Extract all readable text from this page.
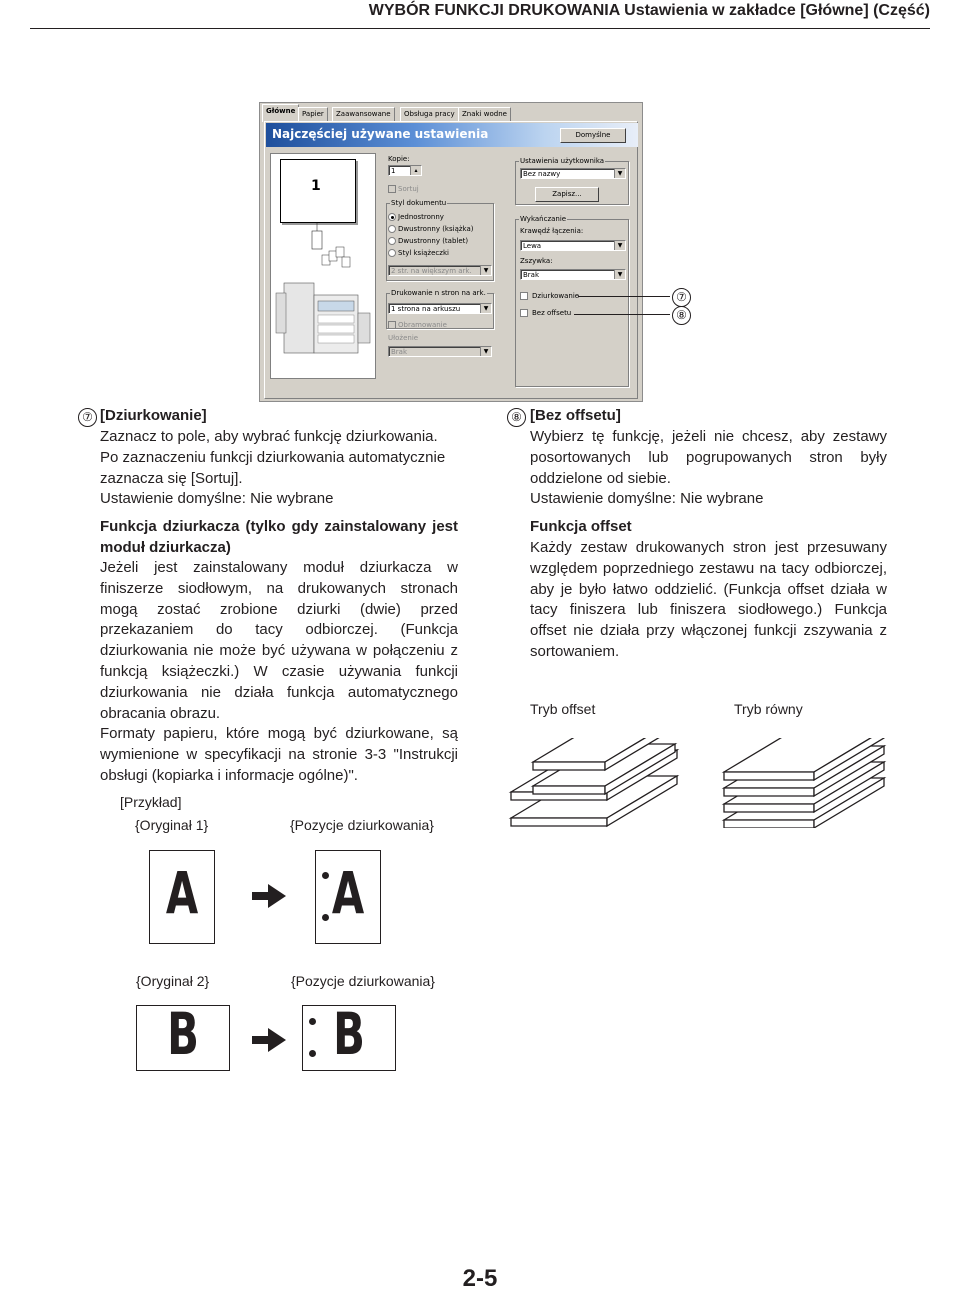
WYBÓR FUNKCJI DRUKOWANIA Ustawienia w zakładce [Główne] (Część)
Główne Papier	Zaawansowane	Obsługa pracy	Znaki wodne
Najczęściej używane ustawienia	Domyślne
1
Kopie:
1	▴
Sortuj
Styl dokumentu
Jednostronny
Dwustronny (książka)
Dwustronny (tablet)
Styl książeczki
2 str. na większym ark.	▼
Drukowanie n stron na ark.
1 strona na arkuszu	▼
Obramowanie
Ułożenie
Brak	▼
Ustawienia użytkownika
Bez nazwy	▼
Zapisz...
Wykańczanie
Krawędź łączenia:
Lewa	▼
Zszywka:
Brak	▼
Dziurkowanie
Bez offsetu
⑦
⑧
⑦ [Dziurkowanie]
Zaznacz to pole, aby wybrać funkcję dziurkowania. Po zaznaczeniu funkcji dziurkowania automatycznie zaznacza się [Sortuj].
Ustawienie domyślne: Nie wybrane
Funkcja dziurkacza (tylko gdy zainstalowany jest moduł dziurkacza)
Jeżeli jest zainstalowany moduł dziurkacza w finiszerze siodłowym, na drukowanych stronach mogą zostać zrobione dziurki (dwie) przed przekazaniem do tacy odbiorczej. (Funkcja dziurkowania nie może być używana w połączeniu z funkcją książeczki.) W czasie używania funkcji dziurkowania nie działa funkcja automatycznego obracania obrazu.
Formaty papieru, które mogą być dziurkowane, są wymienione w specyfikacji na stronie 3-3 "Instrukcji obsługi (kopiarka i informacje ogólne)".
[Przykład]
{Oryginał 1}	{Pozycje dziurkowania}
A A
{Oryginał 2}	{Pozycje dziurkowania}
B B
⑧ [Bez offsetu]
Wybierz tę funkcję, jeżeli nie chcesz, aby zestawy posortowanych lub pogrupowanych stron były oddzielone od siebie.
Ustawienie domyślne: Nie wybrane
Funkcja offset
Każdy zestaw drukowanych stron jest przesuwany względem poprzedniego zestawu na tacy odbiorczej, aby je było łatwo oddzielić. (Funkcja offset działa w tacy finiszera lub finiszera siodłowego.) Funkcja offset nie działa przy włączonej funkcji zszywania z sortowaniem.
Tryb offset	Tryb równy
2-5
